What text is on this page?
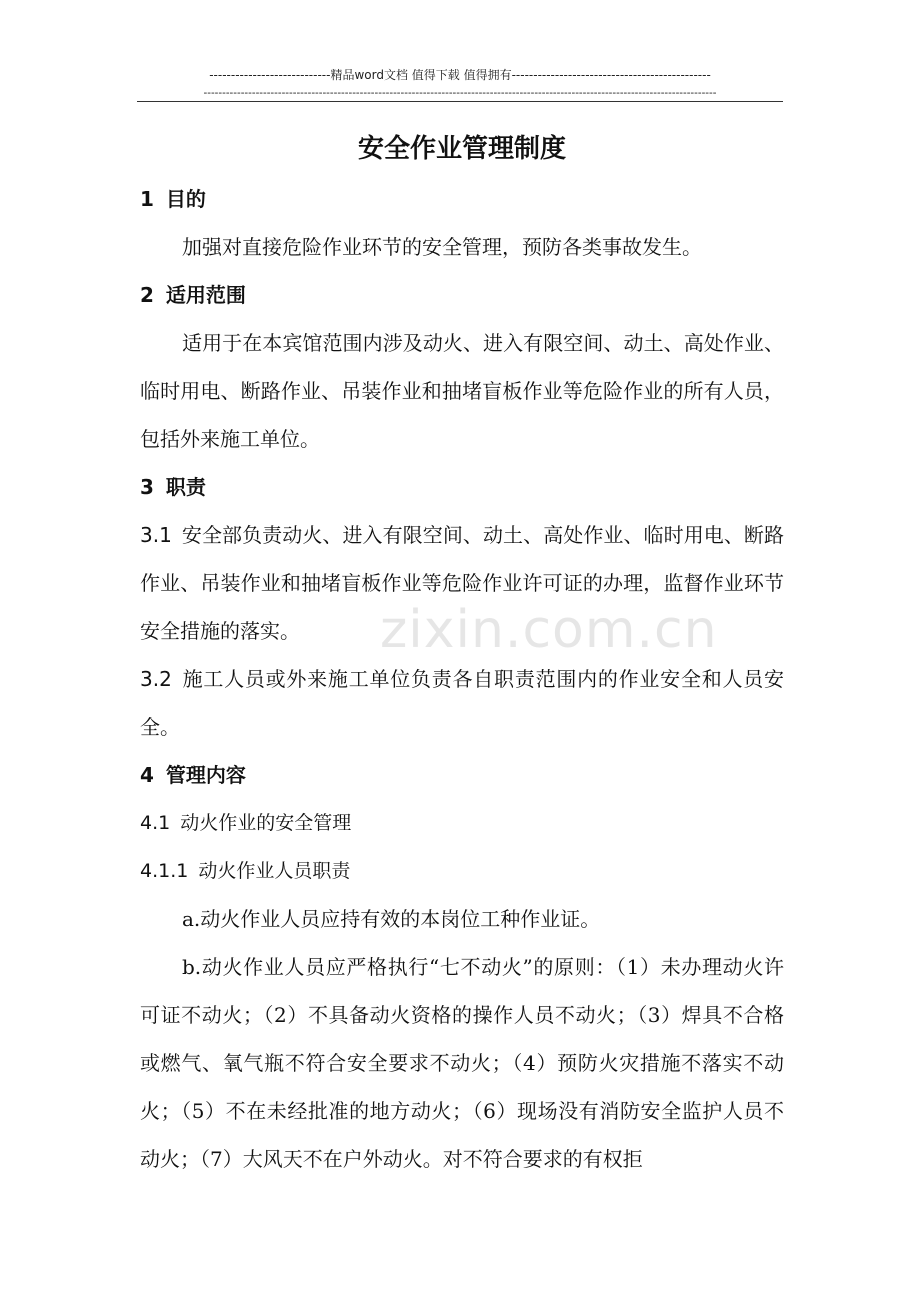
----------------------------精品word文档 值得下载 值得拥有----------------------------------------------
------------------------------------------------------------------------------------------------------------------------------------------
zixin.com.cn
安全作业管理制度
1 目的
加强对直接危险作业环节的安全管理，预防各类事故发生。
2 适用范围
适用于在本宾馆范围内涉及动火、进入有限空间、动土、高处作业、临时用电、断路作业、吊装作业和抽堵盲板作业等危险作业的所有人员，包括外来施工单位。
3 职责
3.1 安全部负责动火、进入有限空间、动土、高处作业、临时用电、断路作业、吊装作业和抽堵盲板作业等危险作业许可证的办理，监督作业环节安全措施的落实。
3.2 施工人员或外来施工单位负责各自职责范围内的作业安全和人员安全。
4 管理内容
4.1 动火作业的安全管理
4.1.1 动火作业人员职责
a.动火作业人员应持有效的本岗位工种作业证。
b.动火作业人员应严格执行“七不动火”的原则：（1）未办理动火许可证不动火；（2）不具备动火资格的操作人员不动火；（3）焊具不合格或燃气、氧气瓶不符合安全要求不动火；（4）预防火灾措施不落实不动火；（5）不在未经批准的地方动火；（6）现场没有消防安全监护人员不动火；（7）大风天不在户外动火。对不符合要求的有权拒
